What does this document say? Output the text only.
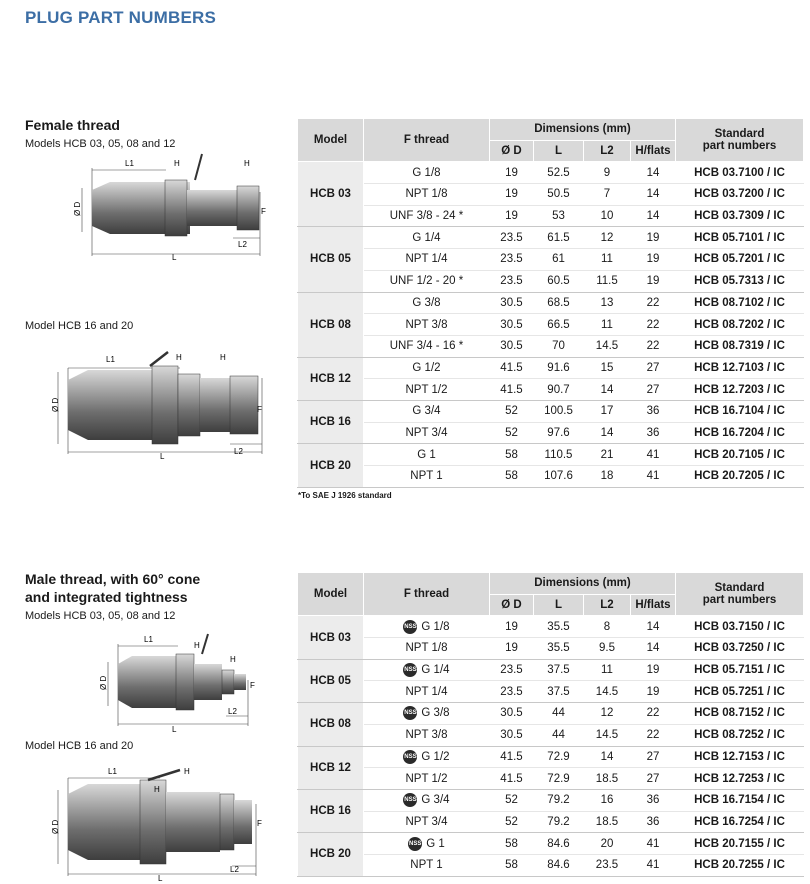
PLUG PART NUMBERS
Female thread
Models HCB 03, 05, 08 and 12
L1	H	H
Ø D	F
L2
L
Model HCB 16 and 20
L1	H	H
Ø D	F
L2
L
Model	F thread	Dimensions (mm)				Standard
part numbers
		Ø D	L	L2	H/flats	
HCB 03	G 1/8	19	52.5	9	14	HCB 03.7100 / IC
	NPT 1/8	19	50.5	7	14	HCB 03.7200 / IC
	UNF 3/8 - 24 *	19	53	10	14	HCB 03.7309 / IC
HCB 05	G 1/4	23.5	61.5	12	19	HCB 05.7101 / IC
	NPT 1/4	23.5	61	11	19	HCB 05.7201 / IC
	UNF 1/2 - 20 *	23.5	60.5	11.5	19	HCB 05.7313 / IC
HCB 08	G 3/8	30.5	68.5	13	22	HCB 08.7102 / IC
	NPT 3/8	30.5	66.5	11	22	HCB 08.7202 / IC
	UNF 3/4 - 16 *	30.5	70	14.5	22	HCB 08.7319 / IC
HCB 12	G 1/2	41.5	91.6	15	27	HCB 12.7103 / IC
	NPT 1/2	41.5	90.7	14	27	HCB 12.7203 / IC
HCB 16	G 3/4	52	100.5	17	36	HCB 16.7104 / IC
	NPT 3/4	52	97.6	14	36	HCB 16.7204 / IC
HCB 20	G 1	58	110.5	21	41	HCB 20.7105 / IC
	NPT 1	58	107.6	18	41	HCB 20.7205 / IC
*To SAE J 1926 standard
Male thread, with 60° cone
and integrated tightness
Models HCB 03, 05, 08 and 12
L1
H
H
Ø D	F
L2
L
Model HCB 16 and 20
L1
H
H
Ø D	F
L2
L
Model	F thread	Dimensions (mm)				Standard
part numbers
		Ø D	L	L2	H/flats	
HCB 03	NSS G 1/8	19	35.5	8	14	HCB 03.7150 / IC
	NPT 1/8	19	35.5	9.5	14	HCB 03.7250 / IC
HCB 05	NSS G 1/4	23.5	37.5	11	19	HCB 05.7151 / IC
	NPT 1/4	23.5	37.5	14.5	19	HCB 05.7251 / IC
HCB 08	NSS G 3/8	30.5	44	12	22	HCB 08.7152 / IC
	NPT 3/8	30.5	44	14.5	22	HCB 08.7252 / IC
HCB 12	NSS G 1/2	41.5	72.9	14	27	HCB 12.7153 / IC
	NPT 1/2	41.5	72.9	18.5	27	HCB 12.7253 / IC
HCB 16	NSS G 3/4	52	79.2	16	36	HCB 16.7154 / IC
	NPT 3/4	52	79.2	18.5	36	HCB 16.7254 / IC
HCB 20	NSS G 1	58	84.6	20	41	HCB 20.7155 / IC
	NPT 1	58	84.6	23.5	41	HCB 20.7255 / IC
